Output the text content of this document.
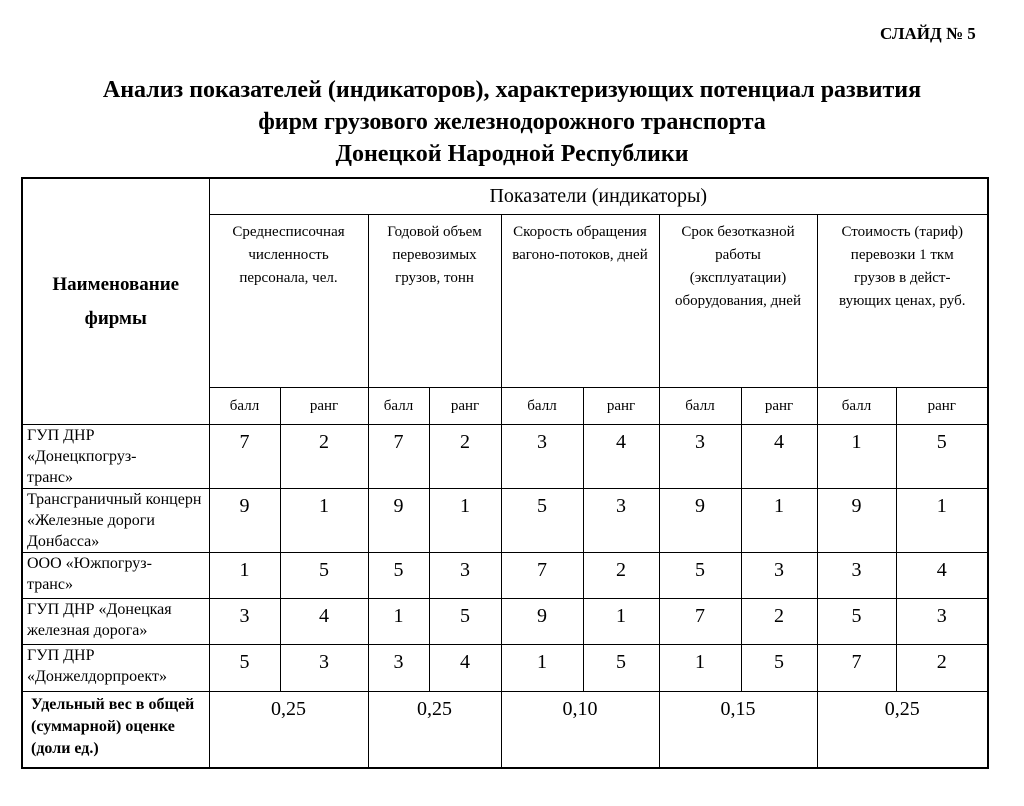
СЛАЙД № 5
Анализ показателей (индикаторов), характеризующих потенциал развития
фирм грузового железнодорожного транспорта
Донецкой Народной Республики
Наименование фирмы	Показатели (индикаторы)									

	Среднесписочная численность персонала, чел.		Годовой объем перевозимых грузов, тонн		Скорость обращения вагоно-потоков, дней		Срок безотказной работы (эксплуатации) оборудования, дней		Стоимость (тариф) перевозки 1 ткм грузов в дейст-вующих ценах, руб.	

	балл	ранг	балл	ранг	балл	ранг	балл	ранг	балл	ранг

ГУП ДНР «Донецкпогруз-транс»	7	2	7	2	3	4	3	4	1	5

Трансграничный концерн «Железные дороги Донбасса»	9	1	9	1	5	3	9	1	9	1

ООО «Южпогруз-транс»	1	5	5	3	7	2	5	3	3	4

ГУП ДНР «Донецкая железная дорога»	3	4	1	5	9	1	7	2	5	3

ГУП ДНР «Донжелдорпроект»	5	3	3	4	1	5	1	5	7	2

Удельный вес в общей (суммарной) оценке (доли ед.)	0,25		0,25		0,10		0,15		0,25	
